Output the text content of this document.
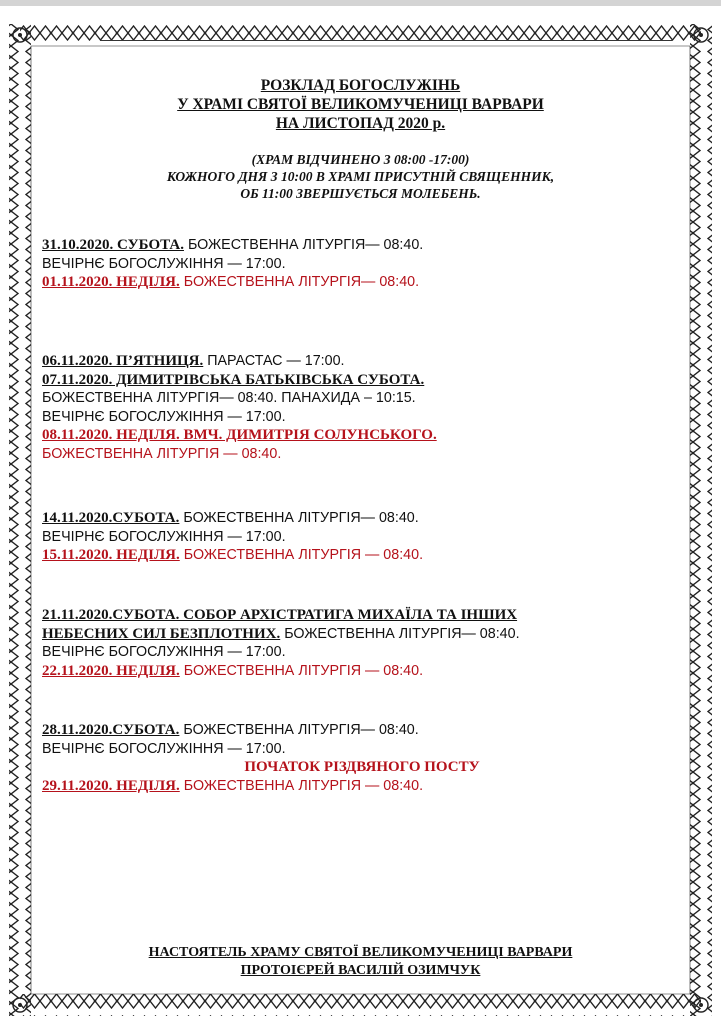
РОЗКЛАД БОГОСЛУЖІНЬ
У ХРАМІ СВЯТОЇ ВЕЛИКОМУЧЕНИЦІ ВАРВАРИ
НА ЛИСТОПАД 2020 р.
(ХРАМ ВІДЧИНЕНО З 08:00 -17:00)
КОЖНОГО ДНЯ З 10:00 В ХРАМІ ПРИСУТНІЙ СВЯЩЕННИК,
ОБ 11:00 ЗВЕРШУЄТЬСЯ МОЛЕБЕНЬ.
31.10.2020. СУБОТА. БОЖЕСТВЕННА ЛІТУРГІЯ— 08:40.
ВЕЧІРНЄ БОГОСЛУЖІННЯ — 17:00.
01.11.2020. НЕДІЛЯ. БОЖЕСТВЕННА ЛІТУРГІЯ— 08:40.
06.11.2020. П’ЯТНИЦЯ. ПАРАСТАС — 17:00.
07.11.2020. ДИМИТРІВСЬКА БАТЬКІВСЬКА СУБОТА.
БОЖЕСТВЕННА ЛІТУРГІЯ— 08:40. ПАНАХИДА – 10:15.
ВЕЧІРНЄ БОГОСЛУЖІННЯ — 17:00.
08.11.2020. НЕДІЛЯ. ВМЧ. ДИМИТРІЯ СОЛУНСЬКОГО.
БОЖЕСТВЕННА ЛІТУРГІЯ — 08:40.
14.11.2020.СУБОТА. БОЖЕСТВЕННА ЛІТУРГІЯ— 08:40.
ВЕЧІРНЄ БОГОСЛУЖІННЯ — 17:00.
15.11.2020. НЕДІЛЯ. БОЖЕСТВЕННА ЛІТУРГІЯ — 08:40.
21.11.2020.СУБОТА. СОБОР АРХІСТРАТИГА МИХАЇЛА ТА ІНШИХ
НЕБЕСНИХ СИЛ БЕЗПЛОТНИХ. БОЖЕСТВЕННА ЛІТУРГІЯ— 08:40.
ВЕЧІРНЄ БОГОСЛУЖІННЯ — 17:00.
22.11.2020. НЕДІЛЯ. БОЖЕСТВЕННА ЛІТУРГІЯ — 08:40.
28.11.2020.СУБОТА. БОЖЕСТВЕННА ЛІТУРГІЯ— 08:40.
ВЕЧІРНЄ БОГОСЛУЖІННЯ — 17:00.
ПОЧАТОК РІЗДВЯНОГО ПОСТУ
29.11.2020. НЕДІЛЯ. БОЖЕСТВЕННА ЛІТУРГІЯ — 08:40.
НАСТОЯТЕЛЬ ХРАМУ СВЯТОЇ ВЕЛИКОМУЧЕНИЦІ ВАРВАРИ
ПРОТОІЄРЕЙ ВАСИЛІЙ ОЗИМЧУК
